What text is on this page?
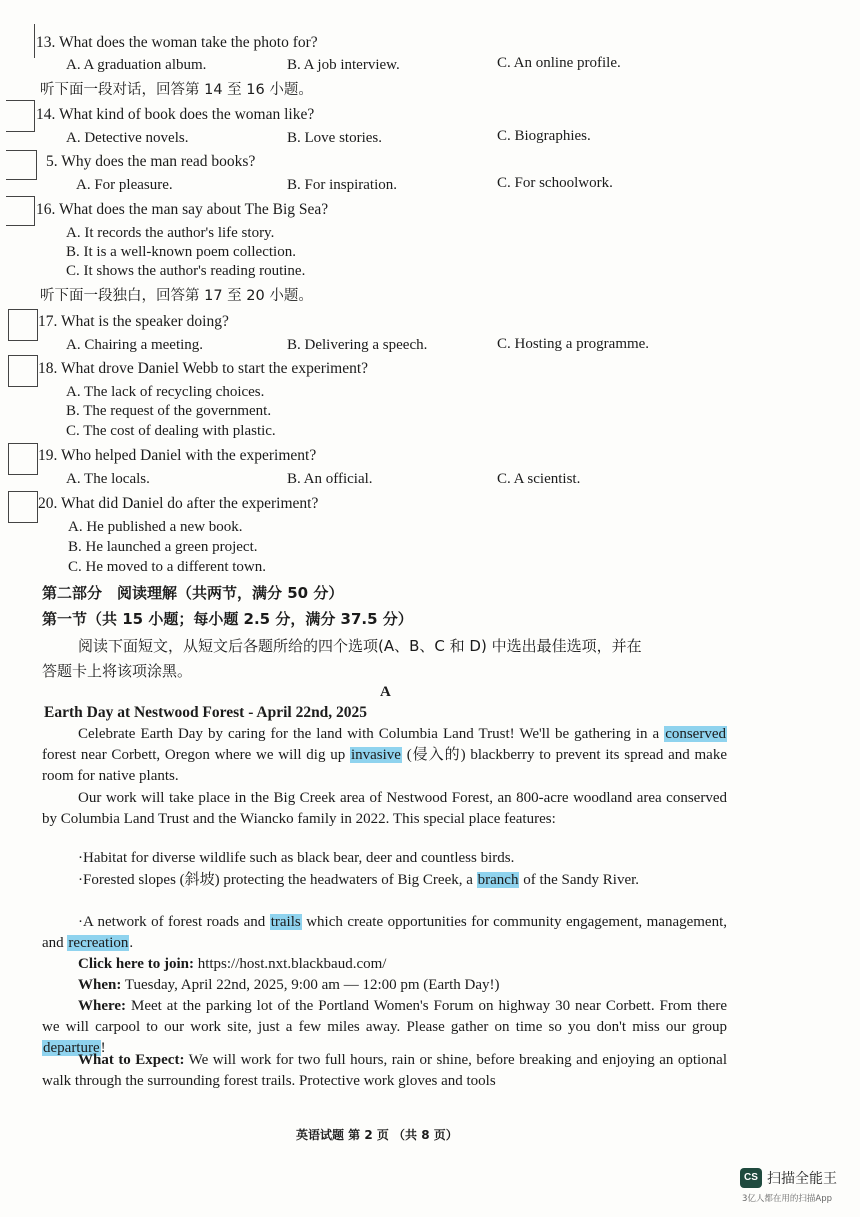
13. What does the woman take the photo for?
A. A graduation album.	B. A job interview.	C. An online profile.
听下面一段对话，回答第 14 至 16 小题。
14. What kind of book does the woman like?
A. Detective novels.	B. Love stories.	C. Biographies.
5. Why does the man read books?
A. For pleasure.	B. For inspiration.	C. For schoolwork.
16. What does the man say about The Big Sea?
A. It records the author's life story.
B. It is a well-known poem collection.
C. It shows the author's reading routine.
听下面一段独白，回答第 17 至 20 小题。
17. What is the speaker doing?
A. Chairing a meeting.	B. Delivering a speech.	C. Hosting a programme.
18. What drove Daniel Webb to start the experiment?
A. The lack of recycling choices.
B. The request of the government.
C. The cost of dealing with plastic.
19. Who helped Daniel with the experiment?
A. The locals.	B. An official.	C. A scientist.
20. What did Daniel do after the experiment?
A. He published a new book.
B. He launched a green project.
C. He moved to a different town.
第二部分　阅读理解（共两节，满分 50 分）
第一节（共 15 小题；每小题 2.5 分，满分 37.5 分）
阅读下面短文，从短文后各题所给的四个选项(A、B、C 和 D) 中选出最佳选项，并在
答题卡上将该项涂黑。
A
Earth Day at Nestwood Forest - April 22nd, 2025
Celebrate Earth Day by caring for the land with Columbia Land Trust! We'll be gathering in a conserved forest near Corbett, Oregon where we will dig up invasive (侵入的) blackberry to prevent its spread and make room for native plants.
Our work will take place in the Big Creek area of Nestwood Forest, an 800-acre woodland area conserved by Columbia Land Trust and the Wiancko family in 2022. This special place features:
·Habitat for diverse wildlife such as black bear, deer and countless birds.
·Forested slopes (斜坡) protecting the headwaters of Big Creek, a branch of the Sandy River.
·A network of forest roads and trails which create opportunities for community engagement, management, and recreation.
Click here to join: https://host.nxt.blackbaud.com/
When: Tuesday, April 22nd, 2025, 9:00 am — 12:00 pm (Earth Day!)
Where: Meet at the parking lot of the Portland Women's Forum on highway 30 near Corbett. From there we will carpool to our work site, just a few miles away. Please gather on time so you don't miss our group departure!
What to Expect: We will work for two full hours, rain or shine, before breaking and enjoying an optional walk through the surrounding forest trails. Protective work gloves and tools
英语试题 第 2 页 （共 8 页）
CS 扫描全能王
3亿人都在用的扫描App
